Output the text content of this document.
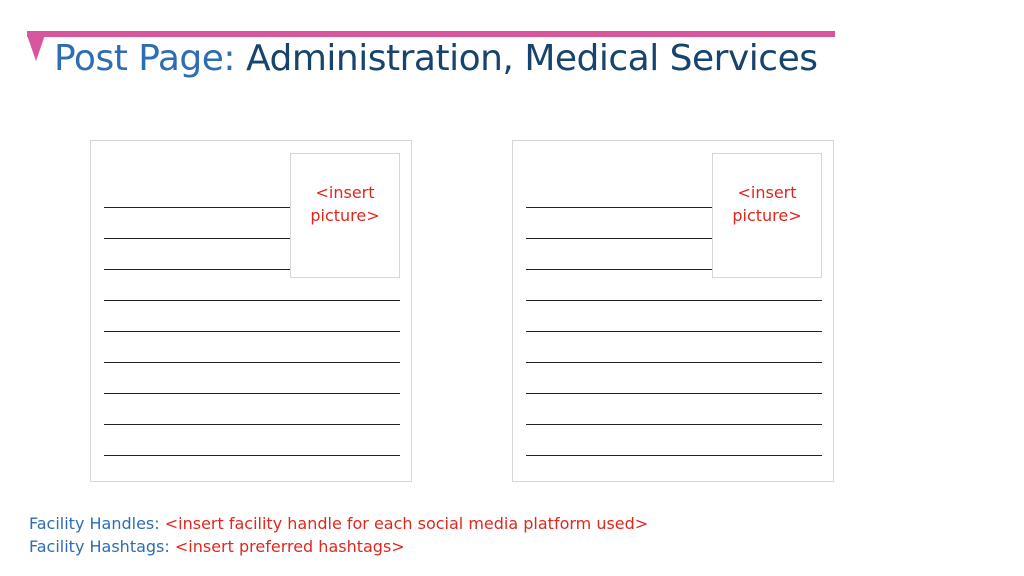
Post Page: Administration, Medical Services
<insert
picture>
<insert
picture>
Facility Handles: <insert facility handle for each social media platform used>
Facility Hashtags: <insert preferred hashtags>
